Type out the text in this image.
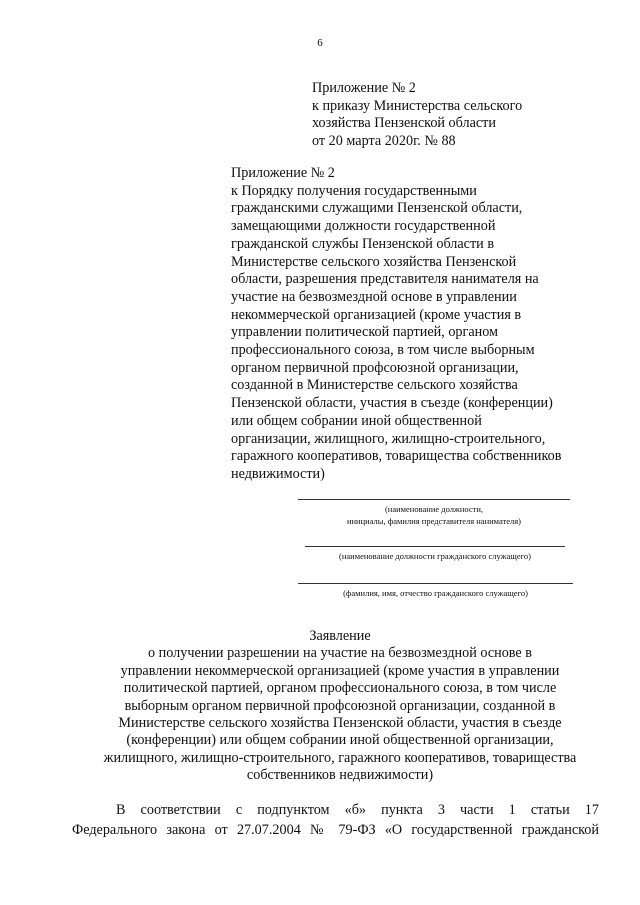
6
Приложение № 2
к приказу Министерства сельского
хозяйства Пензенской области
от 20 марта 2020г. № 88
Приложение № 2
к Порядку получения государственными
гражданскими служащими Пензенской области,
замещающими должности государственной
гражданской службы Пензенской области в
Министерстве сельского хозяйства Пензенской
области, разрешения представителя нанимателя на
участие на безвозмездной основе в управлении
некоммерческой организацией (кроме участия в
управлении политической партией, органом
профессионального союза, в том числе выборным
органом первичной профсоюзной организации,
созданной в Министерстве сельского хозяйства
Пензенской области, участия в съезде (конференции)
или общем собрании иной общественной
организации, жилищного, жилищно-строительного,
гаражного кооперативов, товарищества собственников
недвижимости)
(наименование должности,
инициалы, фамилия представителя нанимателя)
(наименование должности гражданского служащего)
(фамилия, имя, отчество гражданского служащего)
Заявление
о получении разрешении на участие на безвозмездной основе в
управлении некоммерческой организацией (кроме участия в управлении
политической партией, органом профессионального союза, в том числе
выборным органом первичной профсоюзной организации, созданной в
Министерстве сельского хозяйства Пензенской области, участия в съезде
(конференции) или общем собрании иной общественной организации,
жилищного, жилищно-строительного, гаражного кооперативов, товарищества
собственников недвижимости)
В соответствии с подпунктом «б» пункта 3 части 1 статьи 17
Федерального закона от 27.07.2004 № 79-ФЗ «О государственной гражданской
